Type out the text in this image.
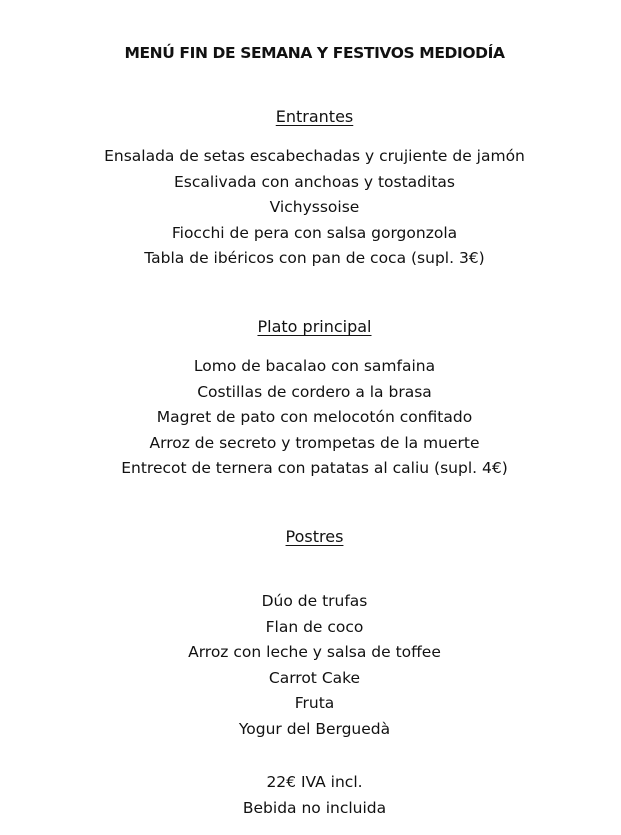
MENÚ FIN DE SEMANA Y FESTIVOS MEDIODÍA
Entrantes
Ensalada de setas escabechadas y crujiente de jamón
Escalivada con anchoas y tostaditas
Vichyssoise
Fiocchi de pera con salsa gorgonzola
Tabla de ibéricos con pan de coca (supl. 3€)
Plato principal
Lomo de bacalao con samfaina
Costillas de cordero a la brasa
Magret de pato con melocotón confitado
Arroz de secreto y trompetas de la muerte
Entrecot de ternera con patatas al caliu (supl. 4€)
Postres
Dúo de trufas
Flan de coco
Arroz con leche y salsa de toffee
Carrot Cake
Fruta
Yogur del Berguedà
22€ IVA incl.
Bebida no incluida
